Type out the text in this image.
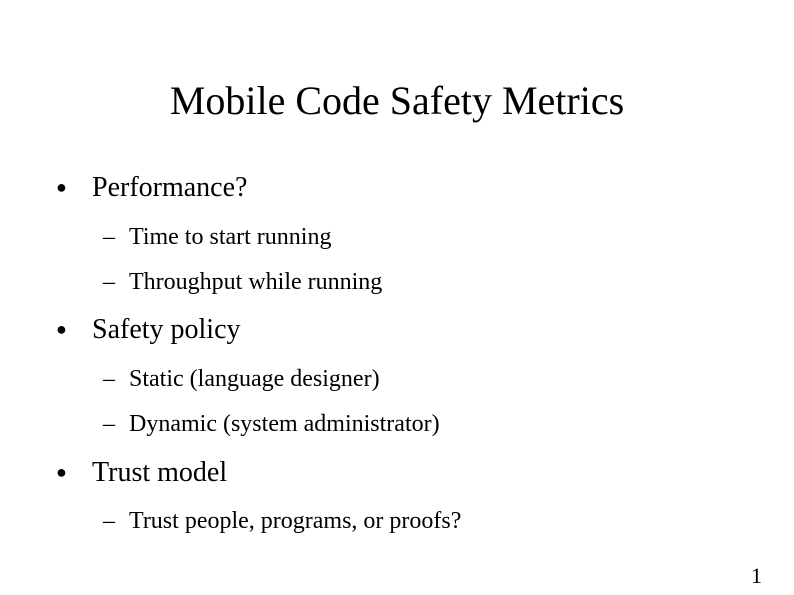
Mobile Code Safety Metrics
● Performance?
– Time to start running
– Throughput while running
● Safety policy
– Static (language designer)
– Dynamic (system administrator)
● Trust model
– Trust people, programs, or proofs?
1
